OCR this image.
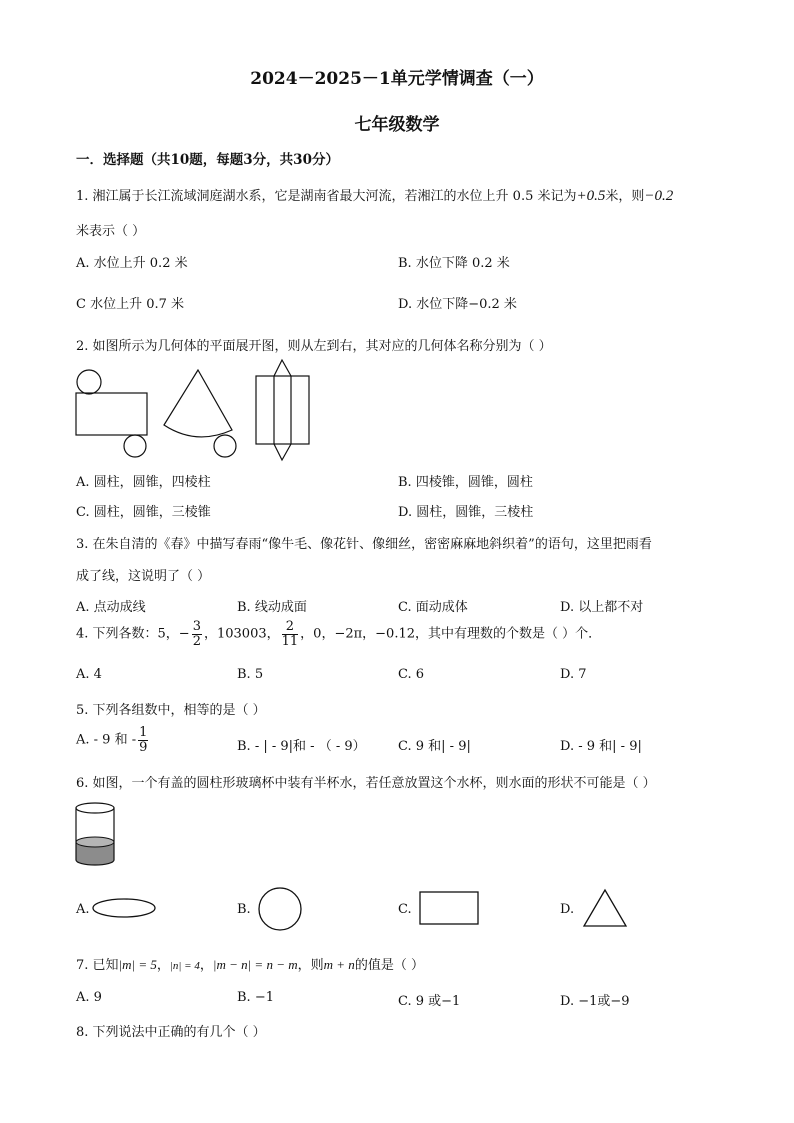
2024－2025－1单元学情调查（一）
七年级数学
一．选择题（共10题，每题3分，共30分）
1. 湘江属于长江流域洞庭湖水系，它是湖南省最大河流，若湘江的水位上升 0.5 米记为+0.5米，则−0.2
米表示（ ）
A. 水位上升 0.2 米	B. 水位下降 0.2 米
C 水位上升 0.7 米	D. 水位下降−0.2 米
2. 如图所示为几何体的平面展开图，则从左到右，其对应的几何体名称分别为（ ）
A. 圆柱，圆锥，四棱柱	B. 四棱锥，圆锥，圆柱
C. 圆柱，圆锥，三棱锥	D. 圆柱，圆锥，三棱柱
3. 在朱自清的《春》中描写春雨“像牛毛、像花针、像细丝，密密麻麻地斜织着”的语句，这里把雨看
成了线，这说明了（ ）
A. 点动成线	B. 线动成面	C. 面动成体	D. 以上都不对
4. 下列各数：5，− $\frac{3}{2}$ ，103003， $\frac{2}{11}$ ，0，−2π，−0.12，其中有理数的个数是（ ）个．
A. 4	B. 5	C. 6	D. 7
5. 下列各组数中，相等的是（ ）
A. - 9 和 - $\frac{1}{9}$	B. - | - 9|和 - （ - 9） C. 9 和| - 9|	D. - 9 和| - 9|
6. 如图，一个有盖的圆柱形玻璃杯中装有半杯水，若任意放置这个水杯，则水面的形状不可能是（ ）
A.	B.	C.	D.
7. 已知|m| = 5，|n| = 4，|m − n| = n − m，则m + n的值是（ ）
A. 9	B. −1	C. 9 或−1	D. −1或−9
8. 下列说法中正确的有几个（ ）
